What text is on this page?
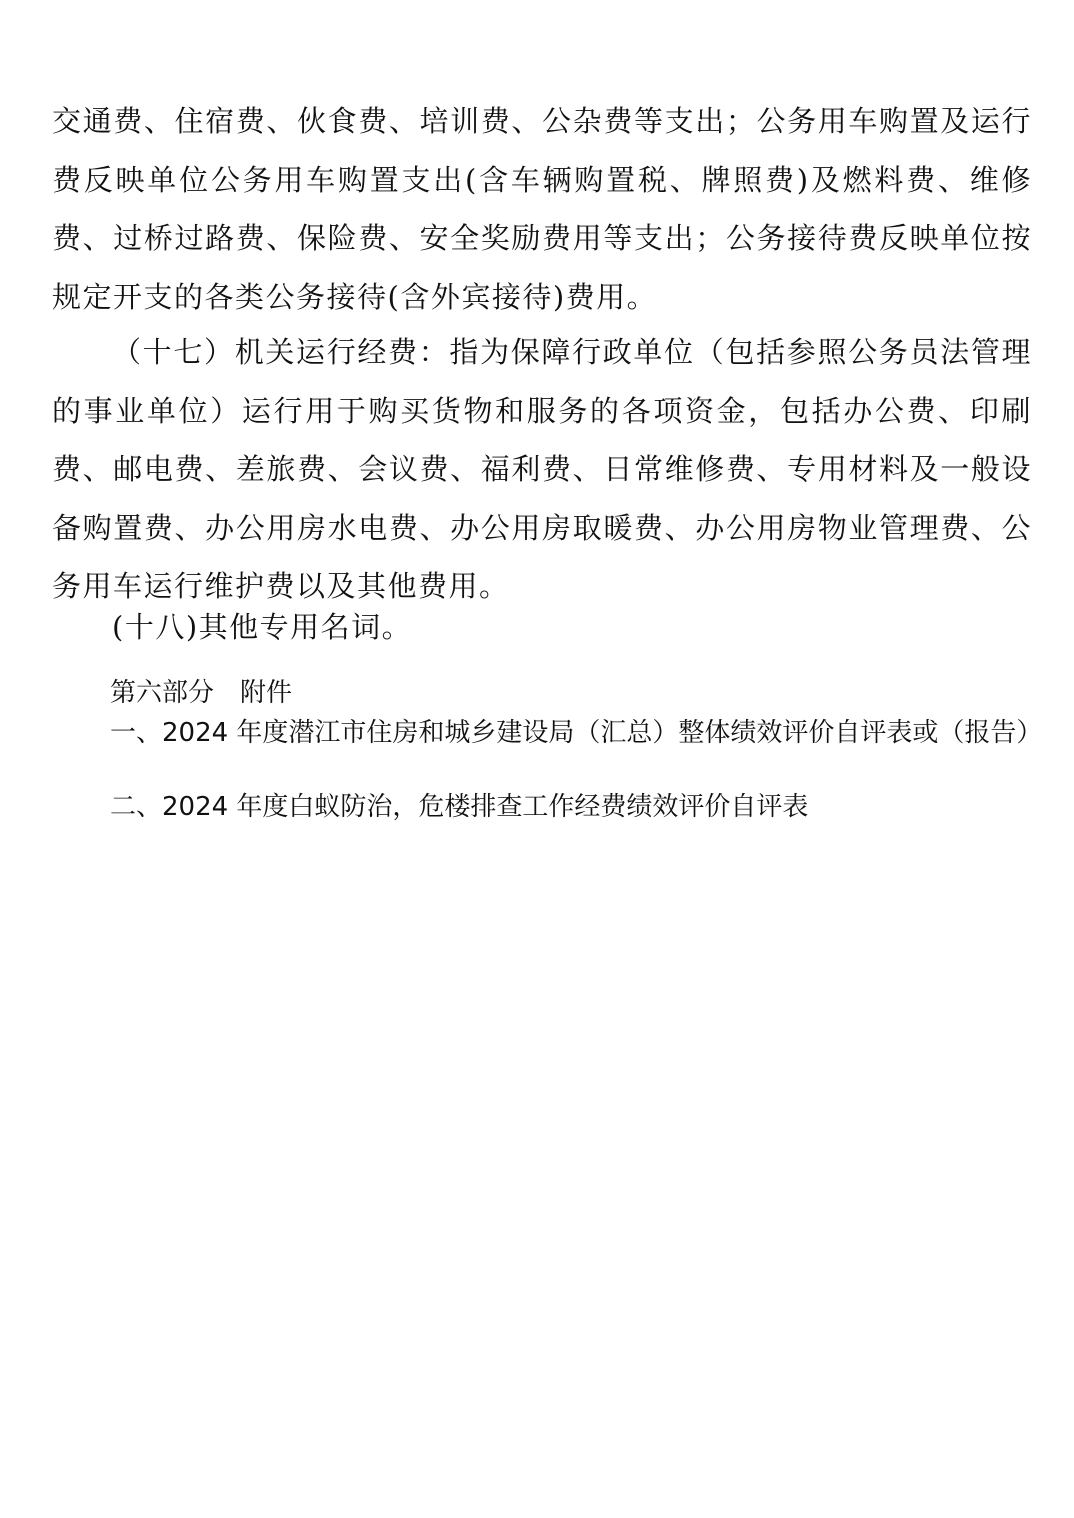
交通费、住宿费、伙食费、培训费、公杂费等支出；公务用车购置及运行费反映单位公务用车购置支出(含车辆购置税、牌照费)及燃料费、维修费、过桥过路费、保险费、安全奖励费用等支出；公务接待费反映单位按规定开支的各类公务接待(含外宾接待)费用。

（十七）机关运行经费：指为保障行政单位（包括参照公务员法管理的事业单位）运行用于购买货物和服务的各项资金，包括办公费、印刷费、邮电费、差旅费、会议费、福利费、日常维修费、专用材料及一般设备购置费、办公用房水电费、办公用房取暖费、办公用房物业管理费、公务用车运行维护费以及其他费用。

(十八)其他专用名词。

第六部分　附件

一、2024 年度潜江市住房和城乡建设局（汇总）整体绩效评价自评表或（报告）

二、2024 年度白蚁防治，危楼排查工作经费绩效评价自评表
